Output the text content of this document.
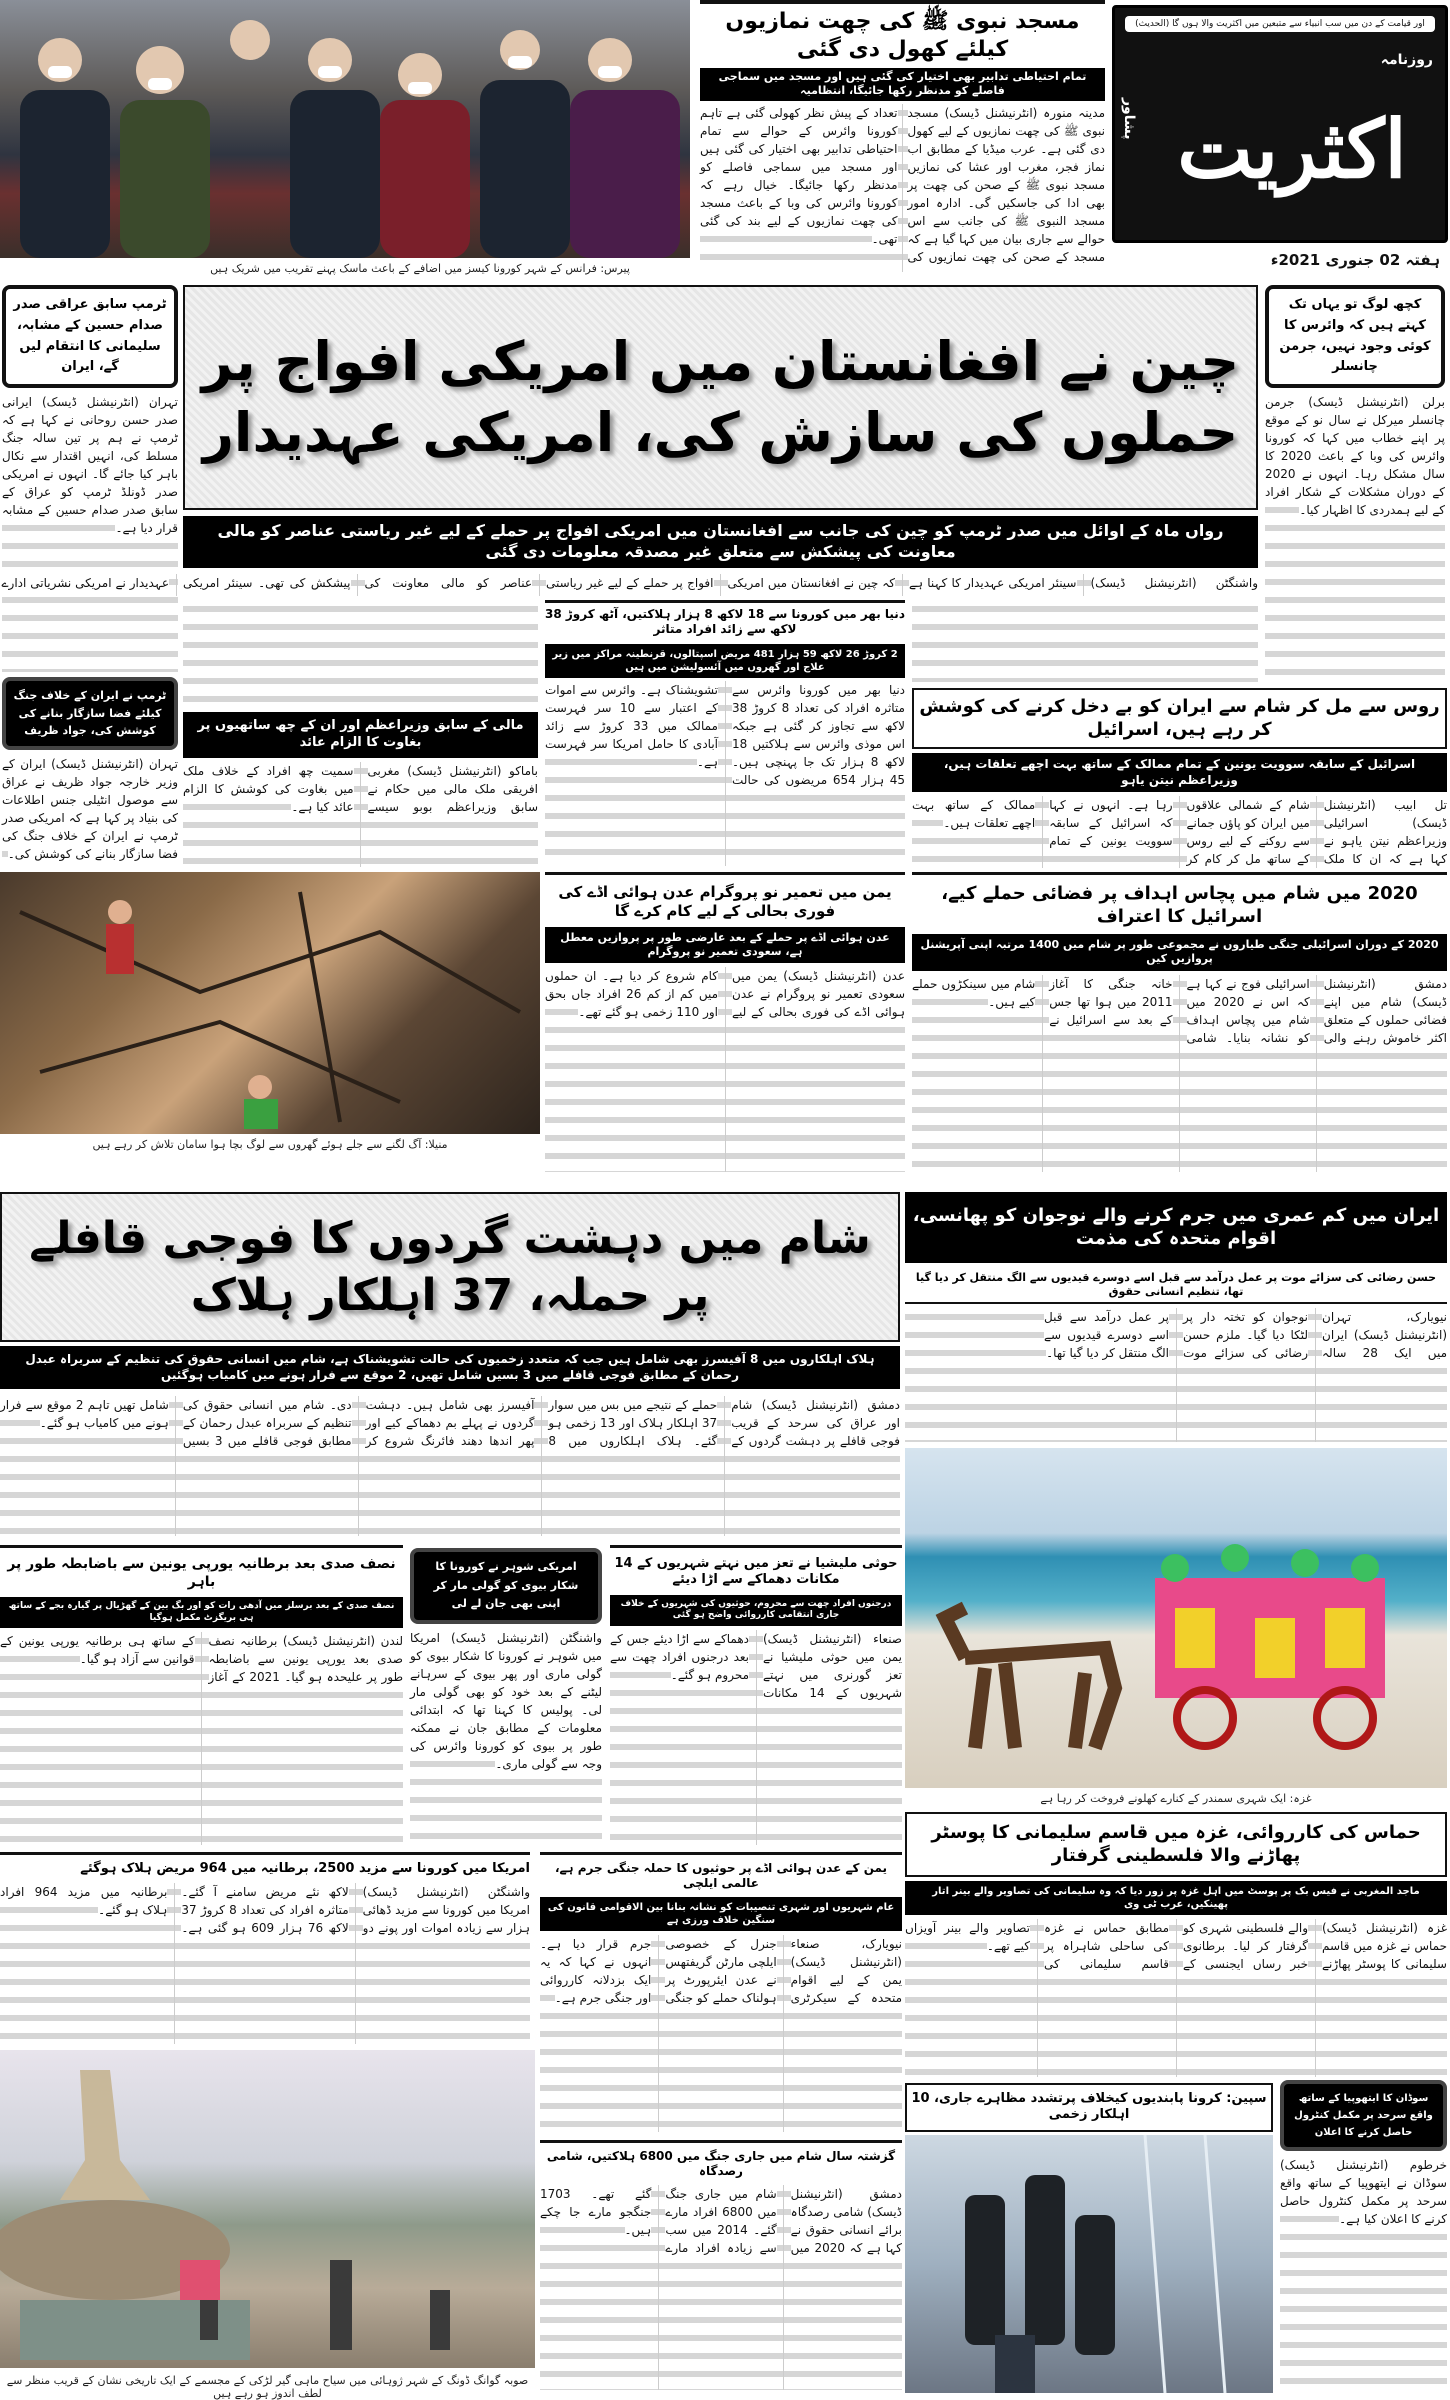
پیرس: فرانس کے شہر کورونا کیسز میں اضافے کے باعث ماسک پہنے تقریب میں شریک ہیں
مسجد نبوی ﷺ کی چھت نمازیوں کیلئے کھول دی گئی
تمام احتیاطی تدابیر بھی اختیار کی گئی ہیں اور مسجد میں سماجی فاصلے کو مدنظر رکھا جائیگا، انتظامیہ
مدینہ منورہ (انٹرنیشنل ڈیسک) مسجد نبوی ﷺ کی چھت نمازیوں کے لیے کھول دی گئی ہے۔ عرب میڈیا کے مطابق اب نماز فجر، مغرب اور عشا کی نمازیں مسجد نبوی ﷺ کے صحن کی چھت پر بھی ادا کی جاسکیں گی۔ ادارہ امور مسجد النبوی ﷺ کی جانب سے اس حوالے سے جاری بیان میں کہا گیا ہے کہ مسجد کے صحن کی چھت نمازیوں کی تعداد کے پیش نظر کھولی گئی ہے تاہم کورونا وائرس کے حوالے سے تمام احتیاطی تدابیر بھی اختیار کی گئی ہیں اور مسجد میں سماجی فاصلے کو مدنظر رکھا جائیگا۔ خیال رہے کہ کورونا وائرس کی وبا کے باعث مسجد کی چھت نمازیوں کے لیے بند کی گئی تھی۔
اور قیامت کے دن میں سب انبیاء سے متبعین میں اکثریت والا ہوں گا (الحدیث)
روزنامہ
پشاور اکثریت
ہفتہ 02 جنوری 2021ء
ٹرمپ سابق عراقی صدر صدام حسین کے مشابہ، سلیمانی کا انتقام لیں گے، ایران
تہران (انٹرنیشنل ڈیسک) ایرانی صدر حسن روحانی نے کہا ہے کہ ٹرمپ نے ہم پر تین سالہ جنگ مسلط کی، انہیں اقتدار سے نکال باہر کیا جائے گا۔ انہوں نے امریکی صدر ڈونلڈ ٹرمپ کو عراق کے سابق صدر صدام حسین کے مشابہ قرار دیا ہے۔
ٹرمپ نے ایران کے خلاف جنگ کیلئے فضا سازگار بنانے کی کوشش کی، جواد ظریف
تہران (انٹرنیشنل ڈیسک) ایران کے وزیر خارجہ جواد ظریف نے عراق سے موصول انٹیلی جنس اطلاعات کی بنیاد پر کہا ہے کہ امریکی صدر ٹرمپ نے ایران کے خلاف جنگ کی فضا سازگار بنانے کی کوشش کی۔
چین نے افغانستان میں امریکی افواج پر حملوں کی سازش کی، امریکی عہدیدار
کچھ لوگ تو یہاں تک کہتے ہیں کہ وائرس کا کوئی وجود نہیں، جرمن چانسلر
برلن (انٹرنیشنل ڈیسک) جرمن چانسلر میرکل نے سال نو کے موقع پر اپنے خطاب میں کہا کہ کورونا وائرس کی وبا کے باعث 2020 کا سال مشکل رہا۔ انہوں نے 2020 کے دوران مشکلات کے شکار افراد کے لیے ہمدردی کا اظہار کیا۔
رواں ماہ کے اوائل میں صدر ٹرمپ کو چین کی جانب سے افغانستان میں امریکی افواج پر حملے کے لیے غیر ریاستی عناصر کو مالی معاونت کی پیشکش سے متعلق غیر مصدقہ معلومات دی گئی
واشنگٹن (انٹرنیشنل ڈیسک) سینئر امریکی عہدیدار کا کہنا ہے کہ چین نے افغانستان میں امریکی افواج پر حملے کے لیے غیر ریاستی عناصر کو مالی معاونت کی پیشکش کی تھی۔ سینئر امریکی عہدیدار نے امریکی نشریاتی ادارے
دنیا بھر میں کورونا سے 18 لاکھ 8 ہزار ہلاکتیں، آٹھ کروڑ 38 لاکھ سے زائد افراد متاثر
2 کروڑ 26 لاکھ 59 ہزار 481 مریض اسپتالوں، قرنطینہ مراکز میں زیر علاج اور گھروں میں آئسولیشن میں ہیں
دنیا بھر میں کورونا وائرس سے متاثرہ افراد کی تعداد 8 کروڑ 38 لاکھ سے تجاوز کر گئی ہے جبکہ اس موذی وائرس سے ہلاکتیں 18 لاکھ 8 ہزار تک جا پہنچی ہیں۔ 45 ہزار 654 مریضوں کی حالت تشویشناک ہے۔ وائرس سے اموات کے اعتبار سے 10 سر فہرست ممالک میں 33 کروڑ سے زائد آبادی کا حامل امریکا سر فہرست ہے۔
مالی کے سابق وزیراعظم اور ان کے چھ ساتھیوں پر بغاوت کا الزام عائد
باماکو (انٹرنیشنل ڈیسک) مغربی افریقی ملک مالی میں حکام نے سابق وزیراعظم بوبو سیسے سمیت چھ افراد کے خلاف ملک میں بغاوت کی کوشش کا الزام عائد کیا ہے۔
روس سے مل کر شام سے ایران کو بے دخل کرنے کی کوشش کر رہے ہیں، اسرائیل
اسرائیل کے سابقہ سوویت یونین کے تمام ممالک کے ساتھ بہت اچھے تعلقات ہیں، وزیراعظم نیتن یاہو
تل ابیب (انٹرنیشنل ڈیسک) اسرائیلی وزیراعظم نیتن یاہو نے کہا ہے کہ ان کا ملک شام کے شمالی علاقوں میں ایران کو پاؤں جمانے سے روکنے کے لیے روس کے ساتھ مل کر کام کر رہا ہے۔ انہوں نے کہا کہ اسرائیل کے سابقہ سوویت یونین کے تمام ممالک کے ساتھ بہت اچھے تعلقات ہیں۔
منیلا: آگ لگنے سے جلے ہوئے گھروں سے لوگ بچا ہوا سامان تلاش کر رہے ہیں
یمن میں تعمیر نو پروگرام عدن ہوائی اڈے کی فوری بحالی کے لیے کام کرے گا
عدن ہوائی اڈے پر حملے کے بعد عارضی طور پر پروازیں معطل ہے، سعودی تعمیر نو پروگرام
عدن (انٹرنیشنل ڈیسک) یمن میں سعودی تعمیر نو پروگرام نے عدن ہوائی اڈے کی فوری بحالی کے لیے کام شروع کر دیا ہے۔ ان حملوں میں کم از کم 26 افراد جاں بحق اور 110 زخمی ہو گئے تھے۔
2020 میں شام میں پچاس اہداف پر فضائی حملے کیے، اسرائیل کا اعتراف
2020 کے دوران اسرائیلی جنگی طیاروں نے مجموعی طور پر شام میں 1400 مرتبہ اپنی آپریشنل پروازیں کیں
دمشق (انٹرنیشنل ڈیسک) شام میں اپنے فضائی حملوں کے متعلق اکثر خاموش رہنے والی اسرائیلی فوج نے کہا ہے کہ اس نے 2020 میں شام میں پچاس اہداف کو نشانہ بنایا۔ شامی خانہ جنگی کا آغاز 2011 میں ہوا تھا جس کے بعد سے اسرائیل نے شام میں سینکڑوں حملے کیے ہیں۔
شام میں دہشت گردوں کا فوجی قافلے پر حملہ، 37 اہلکار ہلاک
ہلاک اہلکاروں میں 8 آفیسرز بھی شامل ہیں جب کہ متعدد زخمیوں کی حالت تشویشناک ہے، شام میں انسانی حقوق کی تنظیم کے سربراہ عبدل رحمان کے مطابق فوجی قافلے میں 3 بسیں شامل تھیں، 2 موقع سے فرار ہونے میں کامیاب ہوگئیں
دمشق (انٹرنیشنل ڈیسک) شام اور عراق کی سرحد کے قریب فوجی قافلے پر دہشت گردوں کے حملے کے نتیجے میں بس میں سوار 37 اہلکار ہلاک اور 13 زخمی ہو گئے۔ ہلاک اہلکاروں میں 8 آفیسرز بھی شامل ہیں۔ دہشت گردوں نے پہلے بم دھماکے کیے اور پھر اندھا دھند فائرنگ شروع کر دی۔ شام میں انسانی حقوق کی تنظیم کے سربراہ عبدل رحمان کے مطابق فوجی قافلے میں 3 بسیں شامل تھیں تاہم 2 موقع سے فرار ہونے میں کامیاب ہو گئے۔
ایران میں کم عمری میں جرم کرنے والے نوجوان کو پھانسی، اقوام متحدہ کی مذمت
حسن رضائی کی سزائے موت پر عمل درآمد سے قبل اسے دوسرے قیدیوں سے الگ منتقل کر دیا گیا تھا، تنظیم انسانی حقوق
نیویارک، تہران (انٹرنیشنل ڈیسک) ایران میں ایک 28 سالہ نوجوان کو تختہ دار پر لٹکا دیا گیا۔ ملزم حسن رضائی کی سزائے موت پر عمل درآمد سے قبل اسے دوسرے قیدیوں سے الگ منتقل کر دیا گیا تھا۔
غزہ: ایک شہری سمندر کے کنارے کھلونے فروخت کر رہا ہے
حوثی ملیشیا نے تعز میں نہتے شہریوں کے 14 مکانات دھماکے سے اڑا دیئے
درجنوں افراد چھت سے محروم، حوثیوں کی شہریوں کے خلاف جاری انتقامی کارروائی واضح ہو گئی
صنعاء (انٹرنیشنل ڈیسک) یمن میں حوثی ملیشیا نے تعز گورنری میں نہتے شہریوں کے 14 مکانات دھماکے سے اڑا دیئے جس کے بعد درجنوں افراد چھت سے محروم ہو گئے۔
امریکی شوہر نے کورونا کا شکار بیوی کو گولی مار کر اپنی بھی جان لے لی
واشنگٹن (انٹرنیشنل ڈیسک) امریکا میں شوہر نے کورونا کا شکار بیوی کو گولی ماری اور پھر بیوی کے سرہانے لیٹنے کے بعد خود کو بھی گولی مار لی۔ پولیس کا کہنا تھا کہ ابتدائی معلومات کے مطابق جان نے ممکنہ طور پر بیوی کو کورونا وائرس کی وجہ سے گولی ماری۔
نصف صدی بعد برطانیہ یورپی یونین سے باضابطہ طور پر باہر
نصف صدی کے بعد برسلز میں آدھی رات کو اور بگ بین کے گھڑیال پر گیارہ بجے کے ساتھ ہی بریگزٹ مکمل ہوگیا
لندن (انٹرنیشنل ڈیسک) برطانیہ نصف صدی بعد یورپی یونین سے باضابطہ طور پر علیحدہ ہو گیا۔ 2021 کے آغاز کے ساتھ ہی برطانیہ یورپی یونین کے قوانین سے آزاد ہو گیا۔
امریکا میں کورونا سے مزید 2500، برطانیہ میں 964 مریض ہلاک ہوگئے
واشنگٹن (انٹرنیشنل ڈیسک) امریکا میں کورونا سے مزید ڈھائی ہزار سے زیادہ اموات اور پونے دو لاکھ نئے مریض سامنے آ گئے۔ متاثرہ افراد کی تعداد 8 کروڑ 37 لاکھ 76 ہزار 609 ہو گئی ہے۔ برطانیہ میں مزید 964 افراد ہلاک ہو گئے۔
یمن کے عدن ہوائی اڈے پر حوثیوں کا حملہ جنگی جرم ہے، عالمی ایلچی
عام شہریوں اور شہری تنصیبات کو نشانہ بنانا بین الاقوامی قانون کی سنگین خلاف ورزی ہے
نیویارک، صنعاء (انٹرنیشنل ڈیسک) یمن کے لیے اقوام متحدہ کے سیکرٹری جنرل کے خصوصی ایلچی مارٹن گریفتھس نے عدن ایئرپورٹ پر ہولناک حملے کو جنگی جرم قرار دیا ہے۔ انہوں نے کہا کہ یہ ایک بزدلانہ کارروائی اور جنگی جرم ہے۔
حماس کی کارروائی، غزہ میں قاسم سلیمانی کا پوسٹر پھاڑنے والا فلسطینی گرفتار
ماجد المغربی نے فیس بک پر پوسٹ میں اہل غزہ پر زور دیا کہ وہ سلیمانی کی تصاویر والے بینر اتار پھینکیں، عرب ٹی وی
غزہ (انٹرنیشنل ڈیسک) حماس نے غزہ میں قاسم سلیمانی کا پوسٹر پھاڑنے والے فلسطینی شہری کو گرفتار کر لیا۔ برطانوی خبر رساں ایجنسی کے مطابق حماس نے غزہ کی ساحلی شاہراہ پر قاسم سلیمانی کی تصاویر والے بینر آویزاں کیے تھے۔
صوبہ گوانگ ڈونگ کے شہر ژوہائی میں سیاح ماہی گیر لڑکی کے مجسمے کے ایک تاریخی نشان کے قریب منظر سے لطف اندوز ہو رہے ہیں
گزشتہ سال شام میں جاری جنگ میں 6800 ہلاکتیں، شامی رصدگاہ
دمشق (انٹرنیشنل ڈیسک) شامی رصدگاہ برائے انسانی حقوق نے کہا ہے کہ 2020 میں شام میں جاری جنگ میں 6800 افراد مارے گئے۔ 2014 میں سب سے زیادہ افراد مارے گئے تھے۔ 1703 جنگجو مارے جا چکے ہیں۔
سپین: کرونا پابندیوں کیخلاف پرتشدد مظاہرے جاری، 10 اہلکار زخمی
سوڈان کا ایتھوپیا کے ساتھ واقع سرحد پر مکمل کنٹرول حاصل کرنے کا اعلان
خرطوم (انٹرنیشنل ڈیسک) سوڈان نے ایتھوپیا کے ساتھ واقع سرحد پر مکمل کنٹرول حاصل کرنے کا اعلان کیا ہے۔
